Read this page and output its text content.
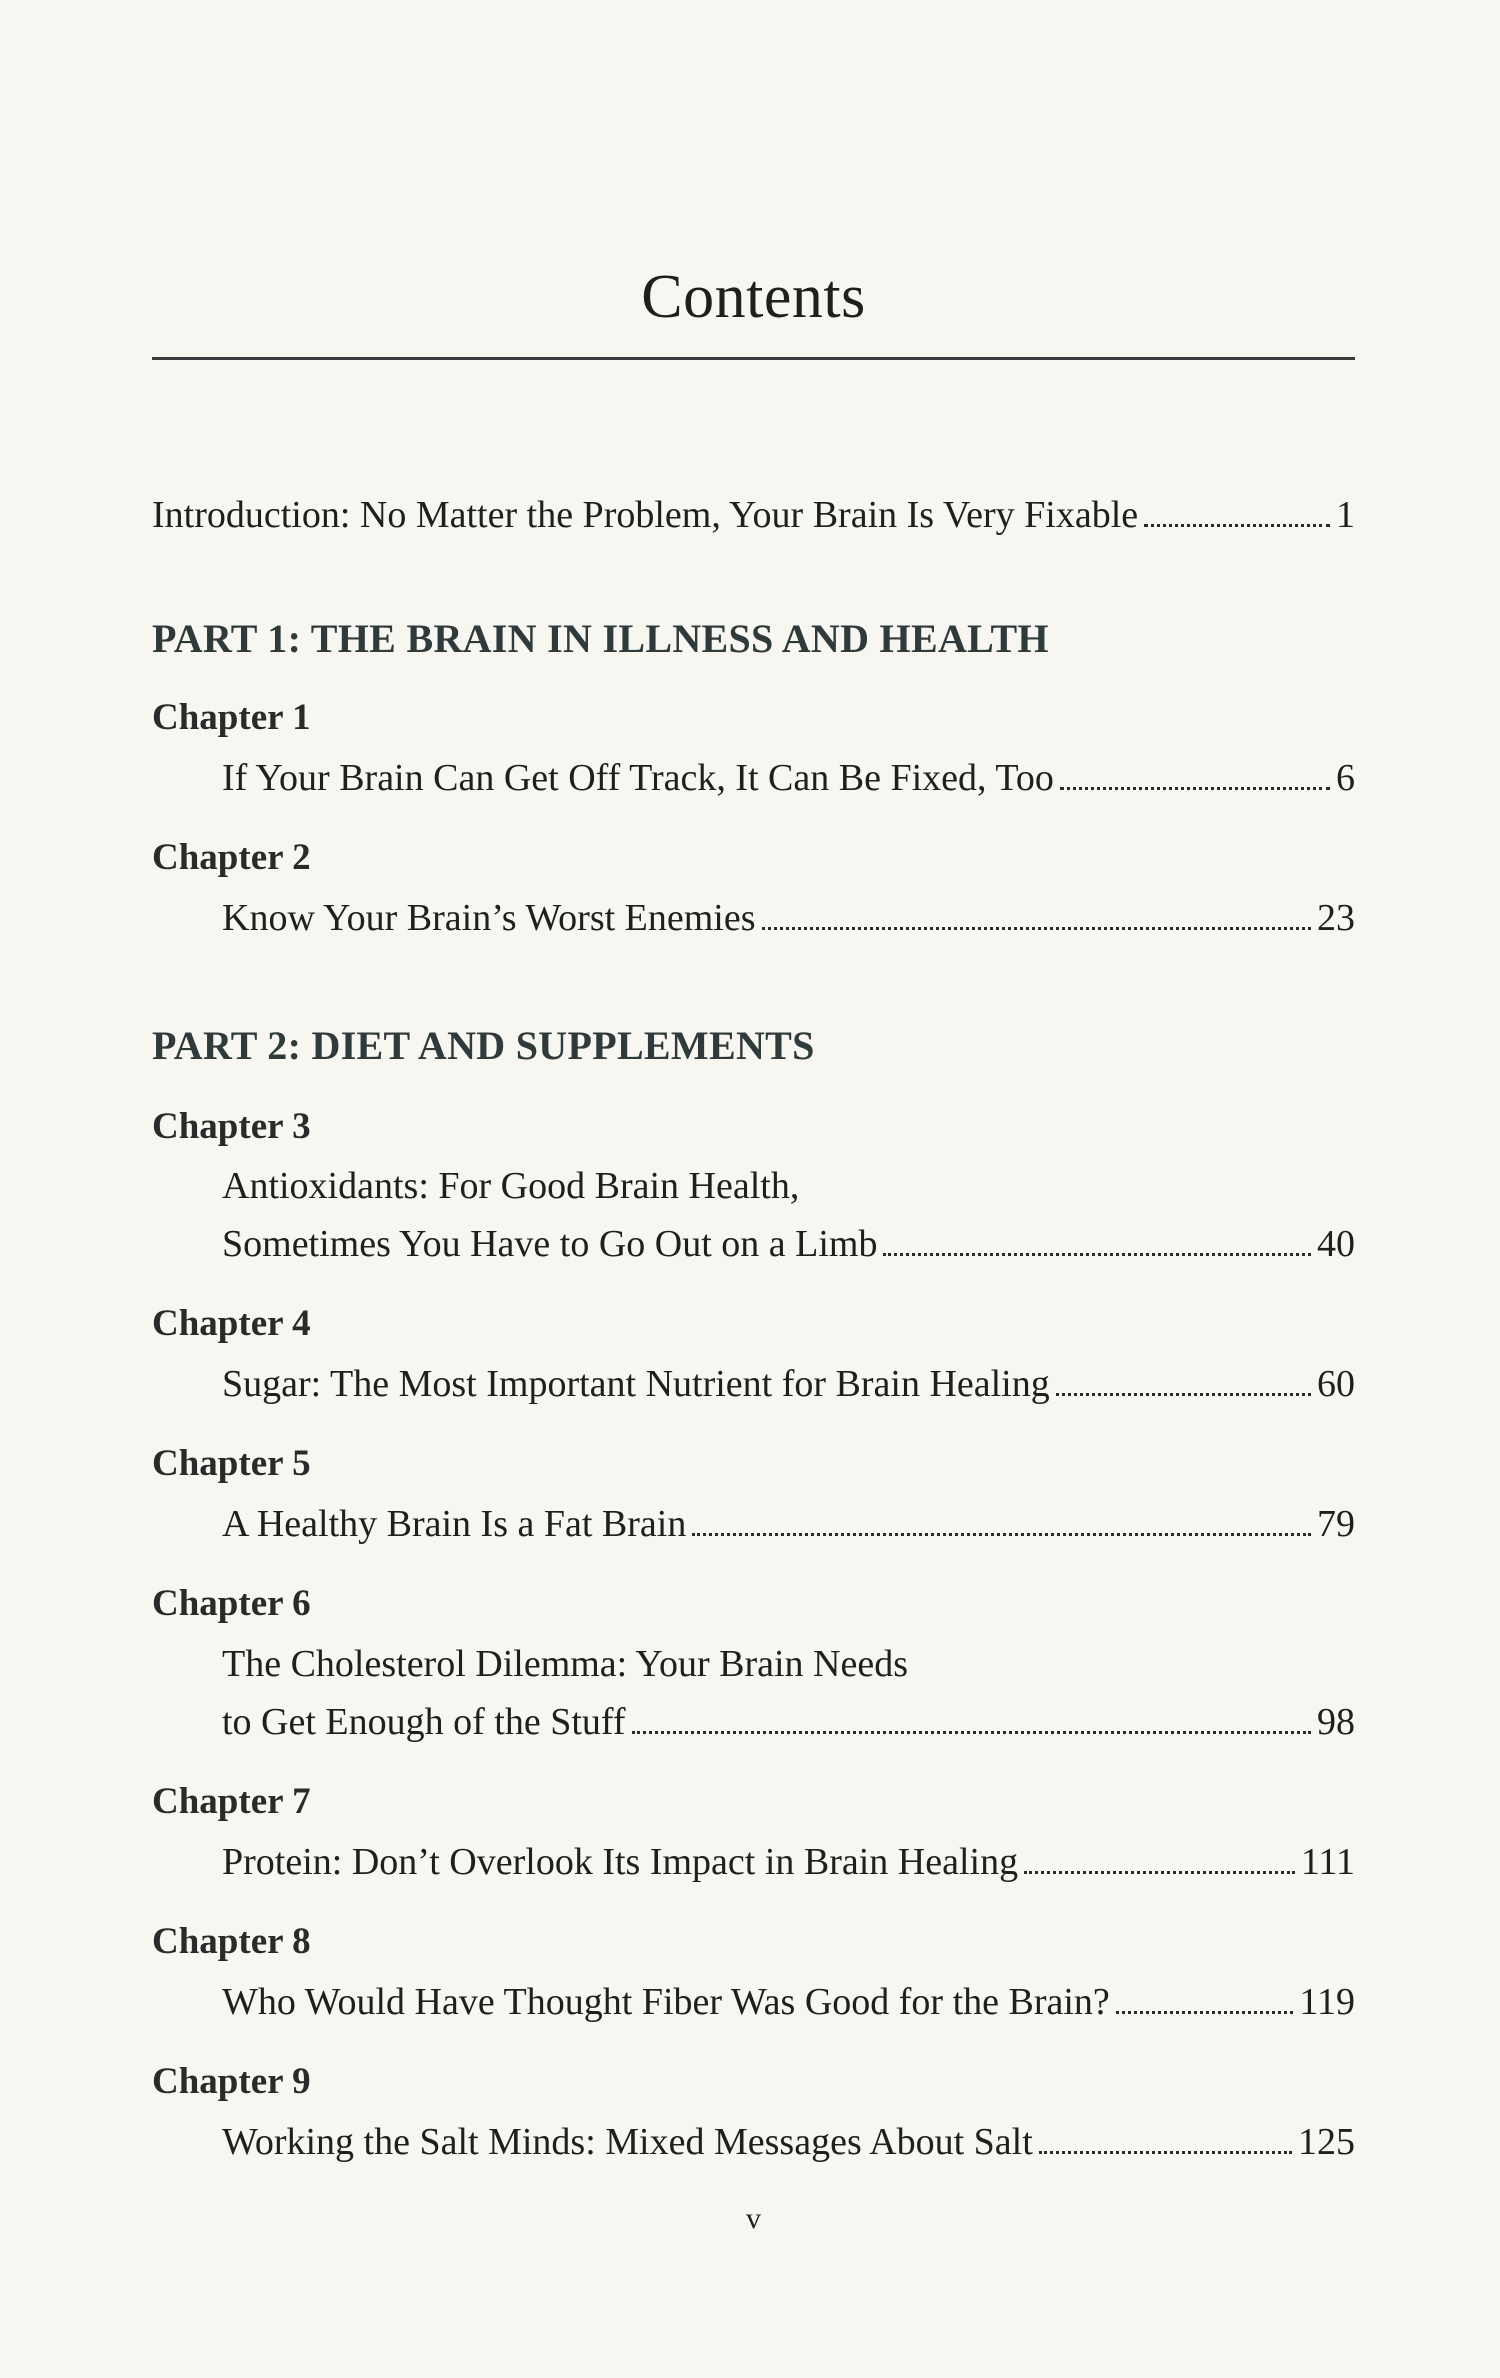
Contents
Introduction: No Matter the Problem, Your Brain Is Very Fixable	1
PART 1: THE BRAIN IN ILLNESS AND HEALTH
Chapter 1
If Your Brain Can Get Off Track, It Can Be Fixed, Too	6
Chapter 2
Know Your Brain’s Worst Enemies	23
PART 2: DIET AND SUPPLEMENTS
Chapter 3
Antioxidants: For Good Brain Health,
Sometimes You Have to Go Out on a Limb	40
Chapter 4
Sugar: The Most Important Nutrient for Brain Healing	60
Chapter 5
A Healthy Brain Is a Fat Brain	79
Chapter 6
The Cholesterol Dilemma: Your Brain Needs
to Get Enough of the Stuff	98
Chapter 7
Protein: Don’t Overlook Its Impact in Brain Healing	111
Chapter 8
Who Would Have Thought Fiber Was Good for the Brain?	119
Chapter 9
Working the Salt Minds: Mixed Messages About Salt	125
v
